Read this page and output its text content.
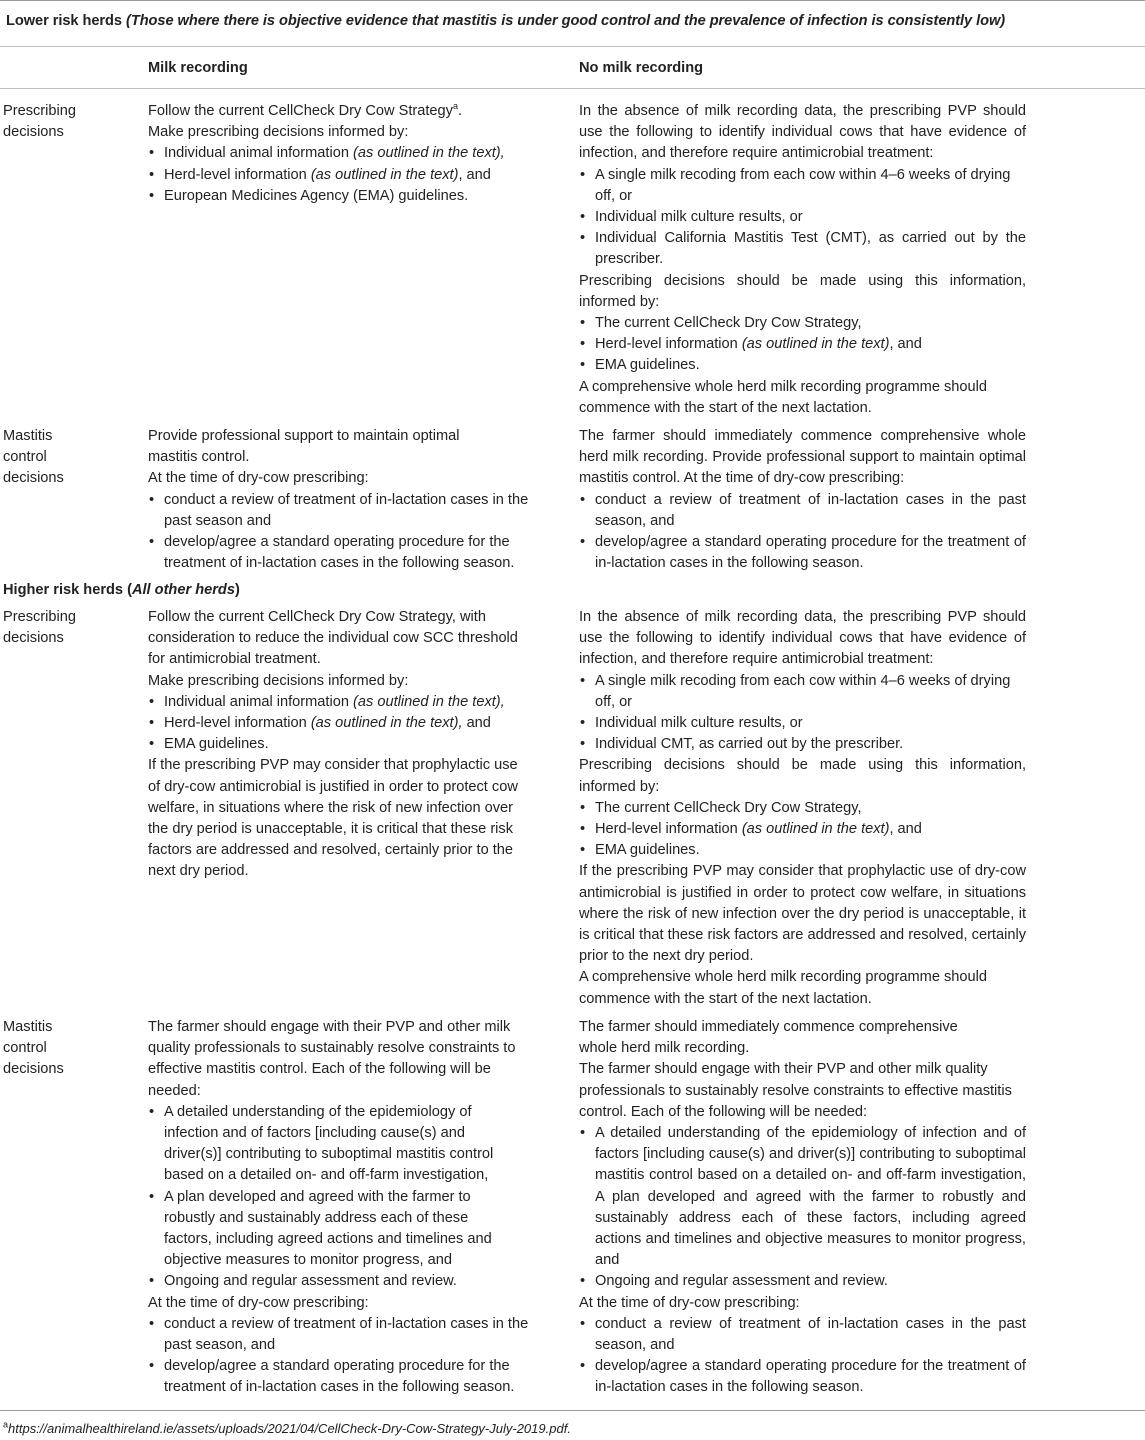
Lower risk herds (Those where there is objective evidence that mastitis is under good control and the prevalence of infection is consistently low)
Milk recording	No milk recording
Prescribing decisions

Follow the current CellCheck Dry Cow Strategy$^a$.

Make prescribing decisions informed by:

• Individual animal information (as outlined in the text),
• Herd-level information (as outlined in the text), and
• European Medicines Agency (EMA) guidelines.

In the absence of milk recording data, the prescribing PVP should use the following to identify individual cows that have evidence of infection, and therefore require antimicrobial treatment:

• A single milk recoding from each cow within 4–6 weeks of drying off, or
• Individual milk culture results, or
• Individual California Mastitis Test (CMT), as carried out by the prescriber.

Prescribing decisions should be made using this information, informed by:

• The current CellCheck Dry Cow Strategy,
• Herd-level information (as outlined in the text), and
• EMA guidelines.

A comprehensive whole herd milk recording programme should commence with the start of the next lactation.

Mastitis control decisions

Provide professional support to maintain optimal mastitis control.

At the time of dry-cow prescribing:

• conduct a review of treatment of in-lactation cases in the past season and
• develop/agree a standard operating procedure for the treatment of in-lactation cases in the following season.

The farmer should immediately commence comprehensive whole herd milk recording. Provide professional support to maintain optimal mastitis control. At the time of dry-cow prescribing:

• conduct a review of treatment of in-lactation cases in the past season, and
• develop/agree a standard operating procedure for the treatment of in-lactation cases in the following season.
Higher risk herds (All other herds)
Prescribing decisions

Follow the current CellCheck Dry Cow Strategy, with consideration to reduce the individual cow SCC threshold for antimicrobial treatment.

Make prescribing decisions informed by:

• Individual animal information (as outlined in the text),
• Herd-level information (as outlined in the text), and
• EMA guidelines.

If the prescribing PVP may consider that prophylactic use of dry-cow antimicrobial is justified in order to protect cow welfare, in situations where the risk of new infection over the dry period is unacceptable, it is critical that these risk factors are addressed and resolved, certainly prior to the next dry period.

In the absence of milk recording data, the prescribing PVP should use the following to identify individual cows that have evidence of infection, and therefore require antimicrobial treatment:

• A single milk recoding from each cow within 4–6 weeks of drying off, or
• Individual milk culture results, or
• Individual CMT, as carried out by the prescriber.

Prescribing decisions should be made using this information, informed by:

• The current CellCheck Dry Cow Strategy,
• Herd-level information (as outlined in the text), and
• EMA guidelines.

If the prescribing PVP may consider that prophylactic use of dry-cow antimicrobial is justified in order to protect cow welfare, in situations where the risk of new infection over the dry period is unacceptable, it is critical that these risk factors are addressed and resolved, certainly prior to the next dry period.

A comprehensive whole herd milk recording programme should commence with the start of the next lactation.

Mastitis control decisions

The farmer should engage with their PVP and other milk quality professionals to sustainably resolve constraints to effective mastitis control. Each of the following will be needed:

• A detailed understanding of the epidemiology of infection and of factors [including cause(s) and driver(s)] contributing to suboptimal mastitis control based on a detailed on- and off-farm investigation,
• A plan developed and agreed with the farmer to robustly and sustainably address each of these factors, including agreed actions and timelines and objective measures to monitor progress, and
• Ongoing and regular assessment and review.

At the time of dry-cow prescribing:

• conduct a review of treatment of in-lactation cases in the past season, and
• develop/agree a standard operating procedure for the treatment of in-lactation cases in the following season.

The farmer should immediately commence comprehensive whole herd milk recording.

The farmer should engage with their PVP and other milk quality professionals to sustainably resolve constraints to effective mastitis control. Each of the following will be needed:

• A detailed understanding of the epidemiology of infection and of factors [including cause(s) and driver(s)] contributing to suboptimal mastitis control based on a detailed on- and off-farm investigation, A plan developed and agreed with the farmer to robustly and sustainably address each of these factors, including agreed actions and timelines and objective measures to monitor progress, and
• Ongoing and regular assessment and review.

At the time of dry-cow prescribing:

• conduct a review of treatment of in-lactation cases in the past season, and
• develop/agree a standard operating procedure for the treatment of in-lactation cases in the following season.
$^a$https://animalhealthireland.ie/assets/uploads/2021/04/CellCheck-Dry-Cow-Strategy-July-2019.pdf.
